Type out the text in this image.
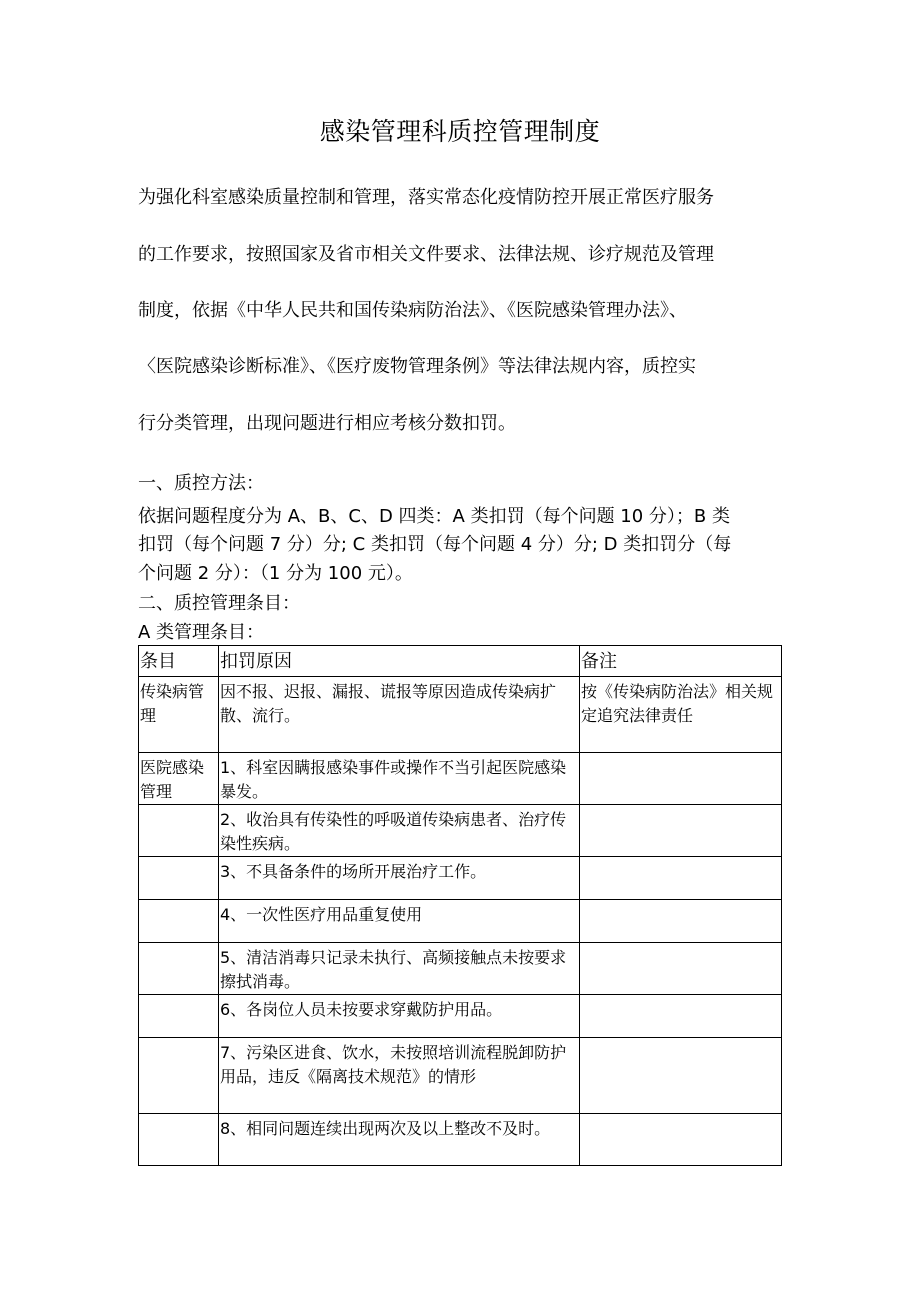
感染管理科质控管理制度
为强化科室感染质量控制和管理，落实常态化疫情防控开展正常医疗服务
的工作要求，按照国家及省市相关文件要求、法律法规、诊疗规范及管理
制度，依据《中华人民共和国传染病防治法》、《医院感染管理办法》、
〈医院感染诊断标准》、《医疗废物管理条例》等法律法规内容，质控实
行分类管理，出现问题进行相应考核分数扣罚。
一、质控方法：
依据问题程度分为 A、B、C、D 四类：A 类扣罚（每个问题 10 分）；B 类
扣罚（每个问题 7 分）分; C 类扣罚（每个问题 4 分）分; D 类扣罚分（每
个问题 2 分）：（1 分为 100 元）。
二、质控管理条目：
A 类管理条目：
条目	扣罚原因	备注
传染病管理	因不报、迟报、漏报、谎报等原因造成传染病扩散、流行。	按《传染病防治法》相关规定追究法律责任
医院感染管理	1、科室因瞒报感染事件或操作不当引起医院感染暴发。	
	2、收治具有传染性的呼吸道传染病患者、治疗传染性疾病。	
	3、不具备条件的场所开展治疗工作。	
	4、一次性医疗用品重复使用	
	5、清洁消毒只记录未执行、高频接触点未按要求擦拭消毒。	
	6、各岗位人员未按要求穿戴防护用品。	
	7、污染区进食、饮水，未按照培训流程脱卸防护用品，违反《隔离技术规范》的情形	
	8、相同问题连续出现两次及以上整改不及时。	
